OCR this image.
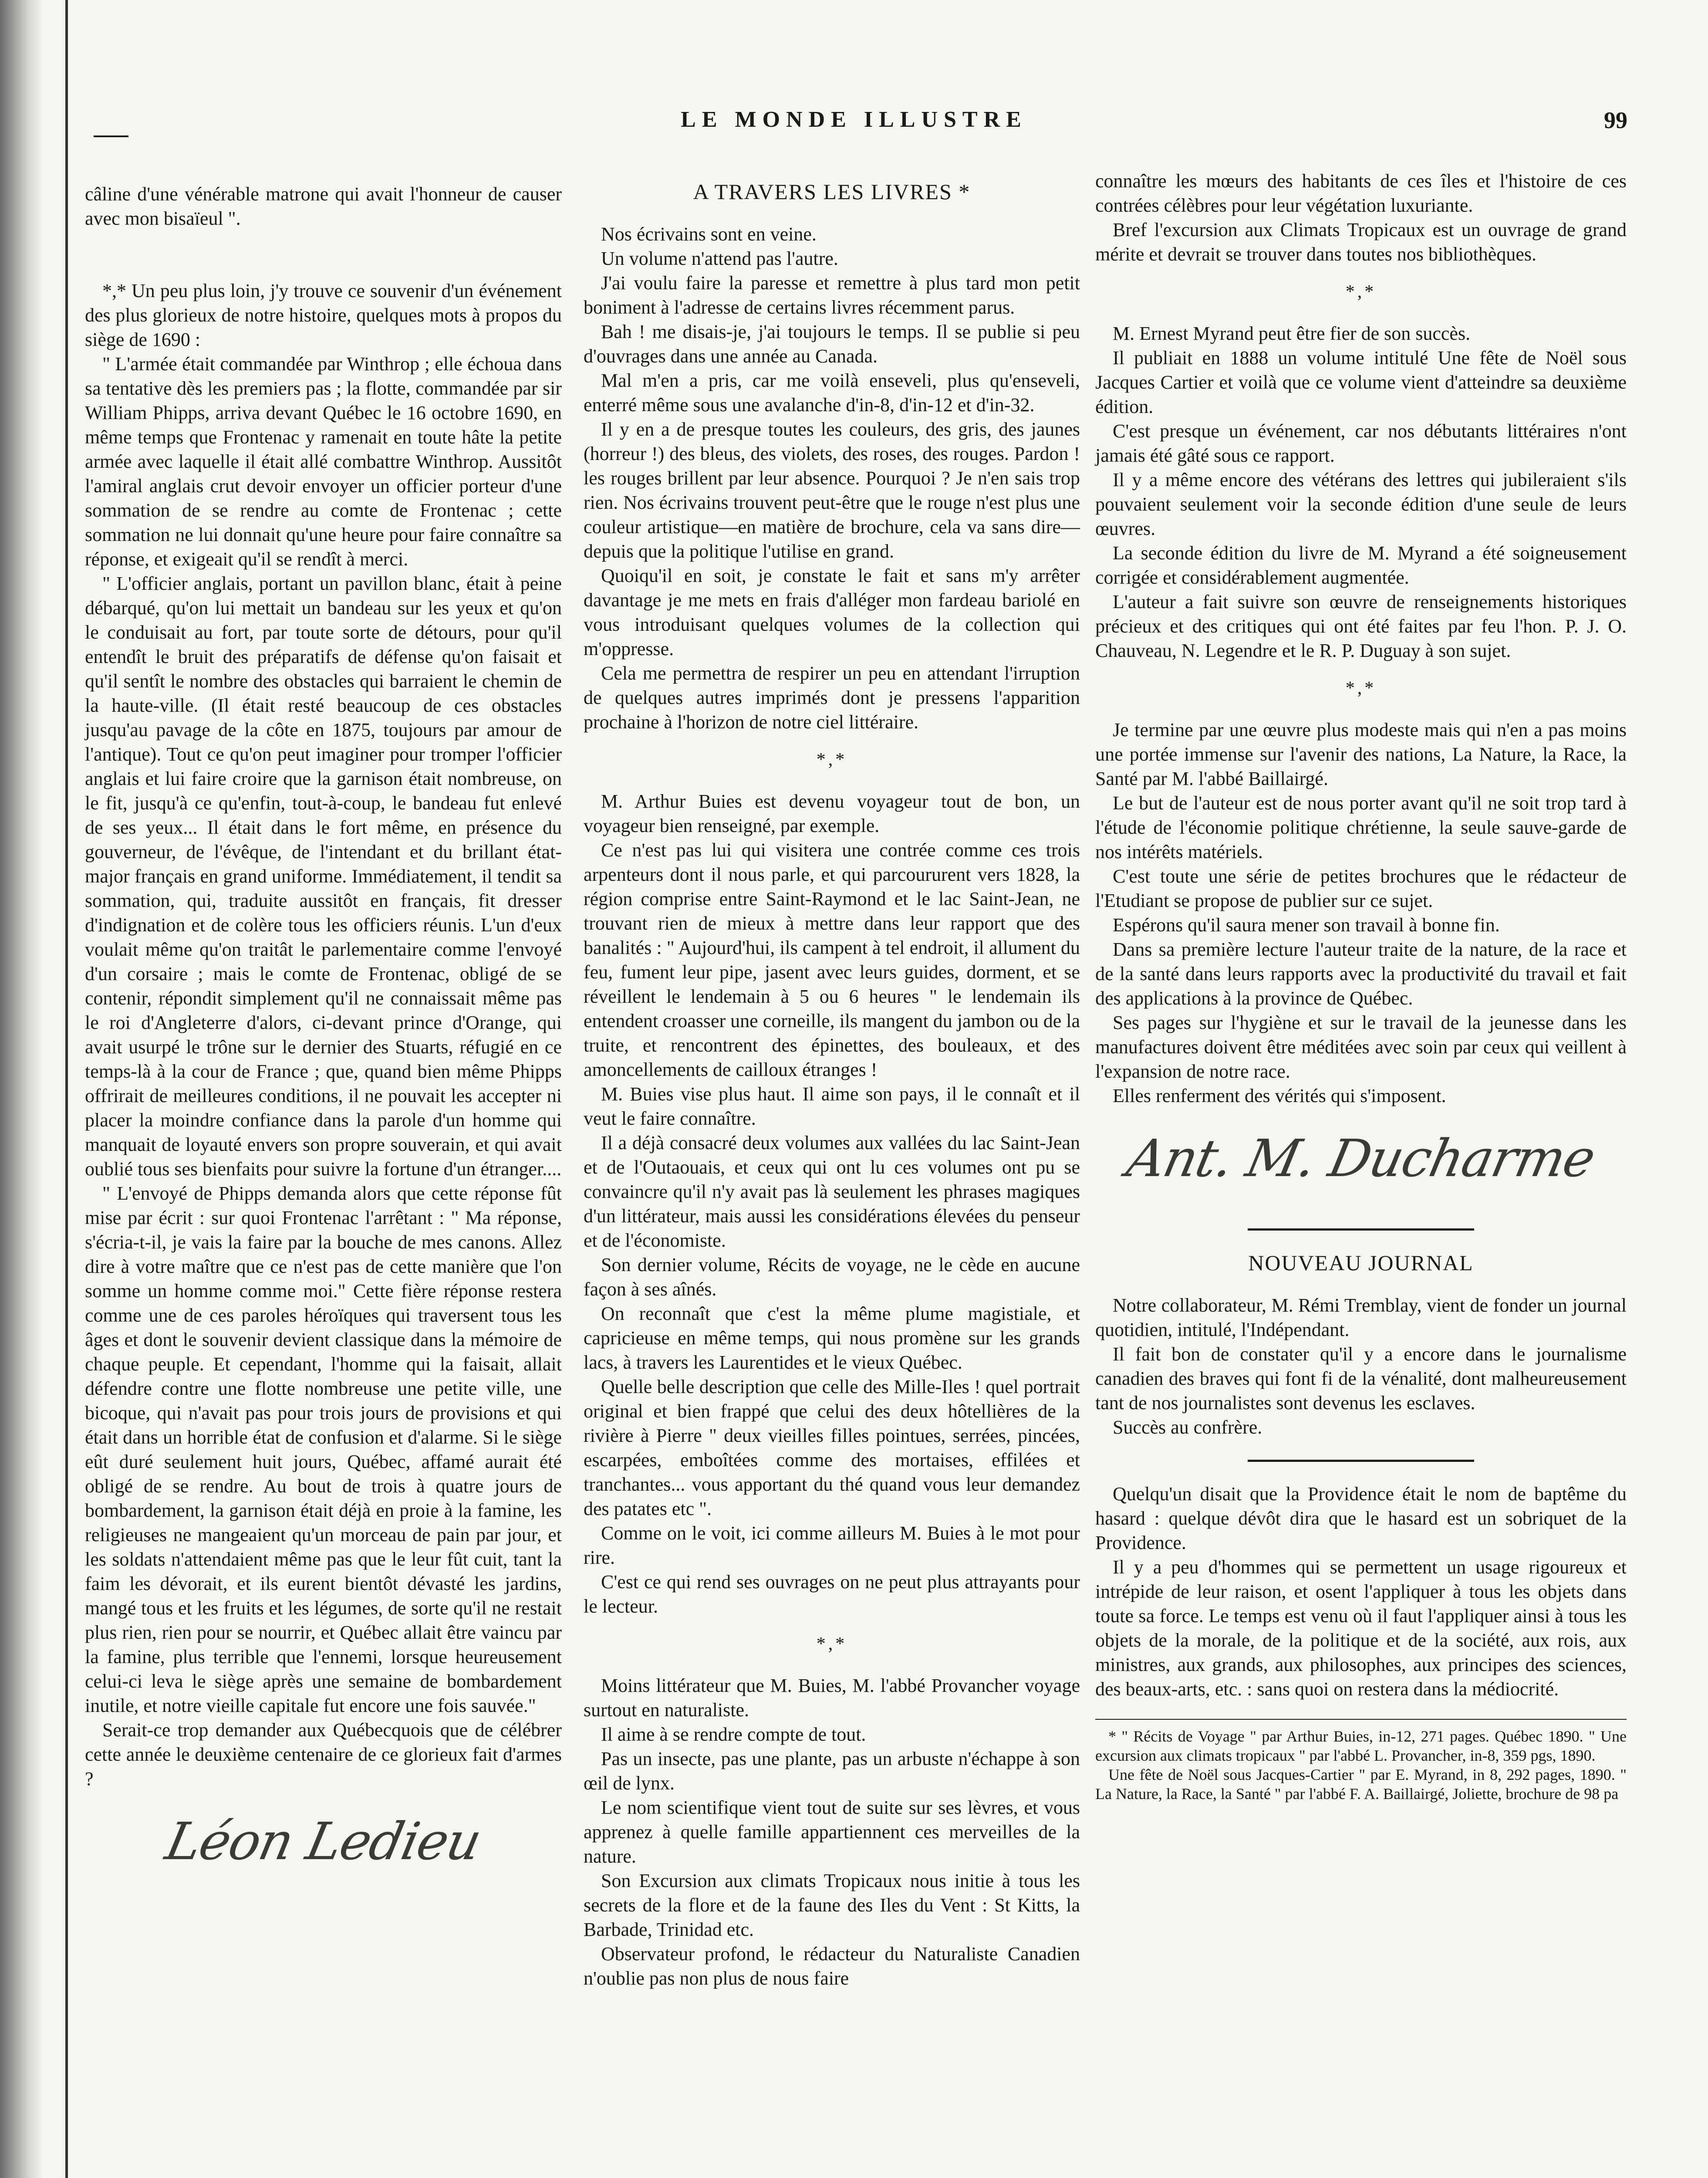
LE MONDE ILLUSTRE	99

câline d'une vénérable matrone qui avait l'honneur de causer avec mon bisaïeul ".

*,* Un peu plus loin, j'y trouve ce souvenir d'un événement des plus glorieux de notre histoire, quelques mots à propos du siège de 1690 :

" L'armée était commandée par Winthrop ; elle échoua dans sa tentative dès les premiers pas ; la flotte, commandée par sir William Phipps, arriva devant Québec le 16 octobre 1690, en même temps que Frontenac y ramenait en toute hâte la petite armée avec laquelle il était allé combattre Winthrop. Aussitôt l'amiral anglais crut devoir envoyer un officier porteur d'une sommation de se rendre au comte de Frontenac ; cette sommation ne lui donnait qu'une heure pour faire connaître sa réponse, et exigeait qu'il se rendît à merci.

" L'officier anglais, portant un pavillon blanc, était à peine débarqué, qu'on lui mettait un bandeau sur les yeux et qu'on le conduisait au fort, par toute sorte de détours, pour qu'il entendît le bruit des préparatifs de défense qu'on faisait et qu'il sentît le nombre des obstacles qui barraient le chemin de la haute-ville. (Il était resté beaucoup de ces obstacles jusqu'au pavage de la côte en 1875, toujours par amour de l'antique). Tout ce qu'on peut imaginer pour tromper l'officier anglais et lui faire croire que la garnison était nombreuse, on le fit, jusqu'à ce qu'enfin, tout-à-coup, le bandeau fut enlevé de ses yeux... Il était dans le fort même, en présence du gouverneur, de l'évêque, de l'intendant et du brillant état-major français en grand uniforme. Immédiatement, il tendit sa sommation, qui, traduite aussitôt en français, fit dresser d'indignation et de colère tous les officiers réunis. L'un d'eux voulait même qu'on traitât le parlementaire comme l'envoyé d'un corsaire ; mais le comte de Frontenac, obligé de se contenir, répondit simplement qu'il ne connaissait même pas le roi d'Angleterre d'alors, ci-devant prince d'Orange, qui avait usurpé le trône sur le dernier des Stuarts, réfugié en ce temps-là à la cour de France ; que, quand bien même Phipps offrirait de meilleures conditions, il ne pouvait les accepter ni placer la moindre confiance dans la parole d'un homme qui manquait de loyauté envers son propre souverain, et qui avait oublié tous ses bienfaits pour suivre la fortune d'un étranger....

" L'envoyé de Phipps demanda alors que cette réponse fût mise par écrit : sur quoi Frontenac l'arrêtant : " Ma réponse, s'écria-t-il, je vais la faire par la bouche de mes canons. Allez dire à votre maître que ce n'est pas de cette manière que l'on somme un homme comme moi." Cette fière réponse restera comme une de ces paroles héroïques qui traversent tous les âges et dont le souvenir devient classique dans la mémoire de chaque peuple. Et cependant, l'homme qui la faisait, allait défendre contre une flotte nombreuse une petite ville, une bicoque, qui n'avait pas pour trois jours de provisions et qui était dans un horrible état de confusion et d'alarme. Si le siège eût duré seulement huit jours, Québec, affamé aurait été obligé de se rendre. Au bout de trois à quatre jours de bombardement, la garnison était déjà en proie à la famine, les religieuses ne mangeaient qu'un morceau de pain par jour, et les soldats n'attendaient même pas que le leur fût cuit, tant la faim les dévorait, et ils eurent bientôt dévasté les jardins, mangé tous et les fruits et les légumes, de sorte qu'il ne restait plus rien, rien pour se nourrir, et Québec allait être vaincu par la famine, plus terrible que l'ennemi, lorsque heureusement celui-ci leva le siège après une semaine de bombardement inutile, et notre vieille capitale fut encore une fois sauvée."

Serait-ce trop demander aux Québecquois que de célébrer cette année le deuxième centenaire de ce glorieux fait d'armes ?

Léon Ledieu
A TRAVERS LES LIVRES *

Nos écrivains sont en veine.

Un volume n'attend pas l'autre.

J'ai voulu faire la paresse et remettre à plus tard mon petit boniment à l'adresse de certains livres récemment parus.

Bah ! me disais-je, j'ai toujours le temps. Il se publie si peu d'ouvrages dans une année au Canada.

Mal m'en a pris, car me voilà enseveli, plus qu'enseveli, enterré même sous une avalanche d'in-8, d'in-12 et d'in-32.

Il y en a de presque toutes les couleurs, des gris, des jaunes (horreur !) des bleus, des violets, des roses, des rouges. Pardon ! les rouges brillent par leur absence. Pourquoi ? Je n'en sais trop rien. Nos écrivains trouvent peut-être que le rouge n'est plus une couleur artistique—en matière de brochure, cela va sans dire—depuis que la politique l'utilise en grand.

Quoiqu'il en soit, je constate le fait et sans m'y arrêter davantage je me mets en frais d'alléger mon fardeau bariolé en vous introduisant quelques volumes de la collection qui m'oppresse.

Cela me permettra de respirer un peu en attendant l'irruption de quelques autres imprimés dont je pressens l'apparition prochaine à l'horizon de notre ciel littéraire.

*,*

M. Arthur Buies est devenu voyageur tout de bon, un voyageur bien renseigné, par exemple.

Ce n'est pas lui qui visitera une contrée comme ces trois arpenteurs dont il nous parle, et qui parcoururent vers 1828, la région comprise entre Saint-Raymond et le lac Saint-Jean, ne trouvant rien de mieux à mettre dans leur rapport que des banalités : " Aujourd'hui, ils campent à tel endroit, il allument du feu, fument leur pipe, jasent avec leurs guides, dorment, et se réveillent le lendemain à 5 ou 6 heures " le lendemain ils entendent croasser une corneille, ils mangent du jambon ou de la truite, et rencontrent des épinettes, des bouleaux, et des amoncellements de cailloux étranges !

M. Buies vise plus haut. Il aime son pays, il le connaît et il veut le faire connaître.

Il a déjà consacré deux volumes aux vallées du lac Saint-Jean et de l'Outaouais, et ceux qui ont lu ces volumes ont pu se convaincre qu'il n'y avait pas là seulement les phrases magiques d'un littérateur, mais aussi les considérations élevées du penseur et de l'économiste.

Son dernier volume, Récits de voyage, ne le cède en aucune façon à ses aînés.

On reconnaît que c'est la même plume magistiale, et capricieuse en même temps, qui nous promène sur les grands lacs, à travers les Laurentides et le vieux Québec.

Quelle belle description que celle des Mille-Iles ! quel portrait original et bien frappé que celui des deux hôtellières de la rivière à Pierre " deux vieilles filles pointues, serrées, pincées, escarpées, emboîtées comme des mortaises, effilées et tranchantes... vous apportant du thé quand vous leur demandez des patates etc ".

Comme on le voit, ici comme ailleurs M. Buies à le mot pour rire.

C'est ce qui rend ses ouvrages on ne peut plus attrayants pour le lecteur.

*,*

Moins littérateur que M. Buies, M. l'abbé Provancher voyage surtout en naturaliste.

Il aime à se rendre compte de tout.

Pas un insecte, pas une plante, pas un arbuste n'échappe à son œil de lynx.

Le nom scientifique vient tout de suite sur ses lèvres, et vous apprenez à quelle famille appartiennent ces merveilles de la nature.

Son Excursion aux climats Tropicaux nous initie à tous les secrets de la flore et de la faune des Iles du Vent : St Kitts, la Barbade, Trinidad etc.

Observateur profond, le rédacteur du Naturaliste Canadien n'oublie pas non plus de nous faire

connaître les mœurs des habitants de ces îles et l'histoire de ces contrées célèbres pour leur végétation luxuriante.

Bref l'excursion aux Climats Tropicaux est un ouvrage de grand mérite et devrait se trouver dans toutes nos bibliothèques.

*,*

M. Ernest Myrand peut être fier de son succès.

Il publiait en 1888 un volume intitulé Une fête de Noël sous Jacques Cartier et voilà que ce volume vient d'atteindre sa deuxième édition.

C'est presque un événement, car nos débutants littéraires n'ont jamais été gâté sous ce rapport.

Il y a même encore des vétérans des lettres qui jubileraient s'ils pouvaient seulement voir la seconde édition d'une seule de leurs œuvres.

La seconde édition du livre de M. Myrand a été soigneusement corrigée et considérablement augmentée.

L'auteur a fait suivre son œuvre de renseignements historiques précieux et des critiques qui ont été faites par feu l'hon. P. J. O. Chauveau, N. Legendre et le R. P. Duguay à son sujet.

*,*

Je termine par une œuvre plus modeste mais qui n'en a pas moins une portée immense sur l'avenir des nations, La Nature, la Race, la Santé par M. l'abbé Baillairgé.

Le but de l'auteur est de nous porter avant qu'il ne soit trop tard à l'étude de l'économie politique chrétienne, la seule sauve-garde de nos intérêts matériels.

C'est toute une série de petites brochures que le rédacteur de l'Etudiant se propose de publier sur ce sujet.

Espérons qu'il saura mener son travail à bonne fin.

Dans sa première lecture l'auteur traite de la nature, de la race et de la santé dans leurs rapports avec la productivité du travail et fait des applications à la province de Québec.

Ses pages sur l'hygiène et sur le travail de la jeunesse dans les manufactures doivent être méditées avec soin par ceux qui veillent à l'expansion de notre race.

Elles renferment des vérités qui s'imposent.

Ant. M. Ducharme
NOUVEAU JOURNAL

Notre collaborateur, M. Rémi Tremblay, vient de fonder un journal quotidien, intitulé, l'Indépendant.

Il fait bon de constater qu'il y a encore dans le journalisme canadien des braves qui font fi de la vénalité, dont malheureusement tant de nos journalistes sont devenus les esclaves.

Succès au confrère.

Quelqu'un disait que la Providence était le nom de baptême du hasard : quelque dévôt dira que le hasard est un sobriquet de la Providence.

Il y a peu d'hommes qui se permettent un usage rigoureux et intrépide de leur raison, et osent l'appliquer à tous les objets dans toute sa force. Le temps est venu où il faut l'appliquer ainsi à tous les objets de la morale, de la politique et de la société, aux rois, aux ministres, aux grands, aux philosophes, aux principes des sciences, des beaux-arts, etc. : sans quoi on restera dans la médiocrité.

* " Récits de Voyage " par Arthur Buies, in-12, 271 pages. Québec 1890. " Une excursion aux climats tropicaux " par l'abbé L. Provancher, in-8, 359 pgs, 1890.
Une fête de Noël sous Jacques-Cartier " par E. Myrand, in 8, 292 pages, 1890. " La Nature, la Race, la Santé " par l'abbé F. A. Baillairgé, Joliette, brochure de 98 pa
